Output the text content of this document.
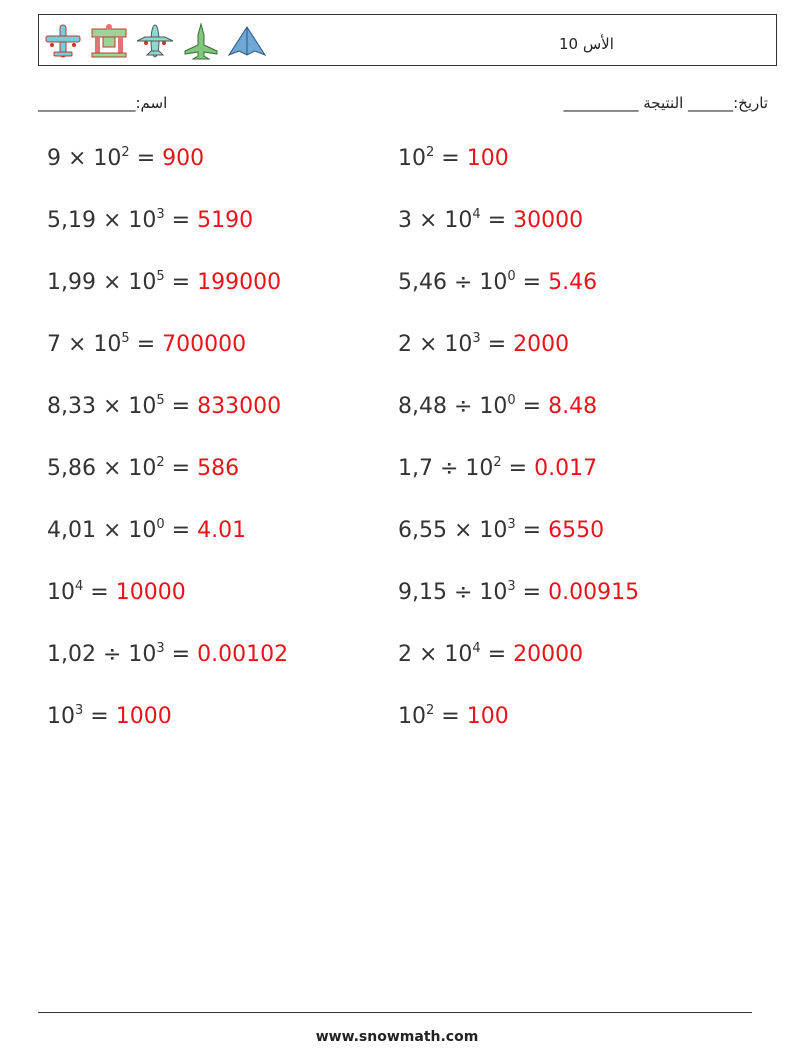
الأس 10
_____________اسم:	تاريخ:______ النتيجة __________
$9 \times 10^2 = 900$
$5,19 \times 10^3 = 5190$
$1,99 \times 10^5 = 199000$
$7 \times 10^5 = 700000$
$8,33 \times 10^5 = 833000$
$5,86 \times 10^2 = 586$
$4,01 \times 10^0 = 4.01$
$10^4 = 10000$
$1,02 \div 10^3 = 0.00102$
$10^3 = 1000$
$10^2 = 100$
$3 \times 10^4 = 30000$
$5,46 \div 10^0 = 5.46$
$2 \times 10^3 = 2000$
$8,48 \div 10^0 = 8.48$
$1,7 \div 10^2 = 0.017$
$6,55 \times 10^3 = 6550$
$9,15 \div 10^3 = 0.00915$
$2 \times 10^4 = 20000$
$10^2 = 100$
www.snowmath.com
